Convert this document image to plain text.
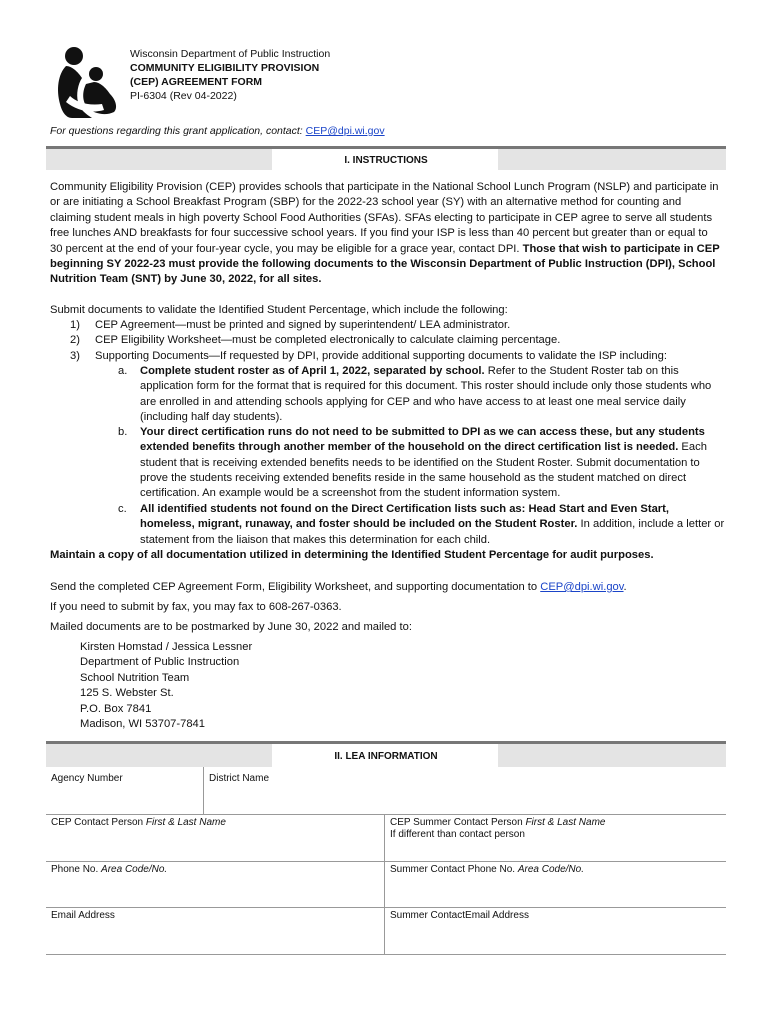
Wisconsin Department of Public Instruction
COMMUNITY ELIGIBILITY PROVISION
(CEP) AGREEMENT FORM
PI-6304 (Rev 04-2022)
For questions regarding this grant application, contact: CEP@dpi.wi.gov
I. INSTRUCTIONS
Community Eligibility Provision (CEP) provides schools that participate in the National School Lunch Program (NSLP) and participate in or are initiating a School Breakfast Program (SBP) for the 2022-23 school year (SY) with an alternative method for counting and claiming student meals in high poverty School Food Authorities (SFAs). SFAs electing to participate in CEP agree to serve all students free lunches AND breakfasts for four successive school years. If you find your ISP is less than 40 percent but greater than or equal to 30 percent at the end of your four-year cycle, you may be eligible for a grace year, contact DPI. Those that wish to participate in CEP beginning SY 2022-23 must provide the following documents to the Wisconsin Department of Public Instruction (DPI), School Nutrition Team (SNT) by June 30, 2022, for all sites.
Submit documents to validate the Identified Student Percentage, which include the following:
1) CEP Agreement—must be printed and signed by superintendent/ LEA administrator.
2) CEP Eligibility Worksheet—must be completed electronically to calculate claiming percentage.
3) Supporting Documents—If requested by DPI, provide additional supporting documents to validate the ISP including:
a. Complete student roster as of April 1, 2022, separated by school. Refer to the Student Roster tab on this application form for the format that is required for this document. This roster should include only those students who are enrolled in and attending schools applying for CEP and who have access to at least one meal service daily (including half day students).
b. Your direct certification runs do not need to be submitted to DPI as we can access these, but any students extended benefits through another member of the household on the direct certification list is needed. Each student that is receiving extended benefits needs to be identified on the Student Roster. Submit documentation to prove the students receiving extended benefits reside in the same household as the student matched on direct certification. An example would be a screenshot from the student information system.
c. All identified students not found on the Direct Certification lists such as: Head Start and Even Start, homeless, migrant, runaway, and foster should be included on the Student Roster. In addition, include a letter or statement from the liaison that makes this determination for each child.
Maintain a copy of all documentation utilized in determining the Identified Student Percentage for audit purposes.
Send the completed CEP Agreement Form, Eligibility Worksheet, and supporting documentation to CEP@dpi.wi.gov.
If you need to submit by fax, you may fax to 608-267-0363.
Mailed documents are to be postmarked by June 30, 2022 and mailed to:
Kirsten Homstad / Jessica Lessner
Department of Public Instruction
School Nutrition Team
125 S. Webster St.
P.O. Box 7841
Madison, WI 53707-7841
II. LEA INFORMATION
Agency Number	District Name
CEP Contact Person First & Last Name	CEP Summer Contact Person First & Last Name
If different than contact person
Phone No. Area Code/No.	Summer Contact Phone No. Area Code/No.
Email Address	Summer ContactEmail Address
